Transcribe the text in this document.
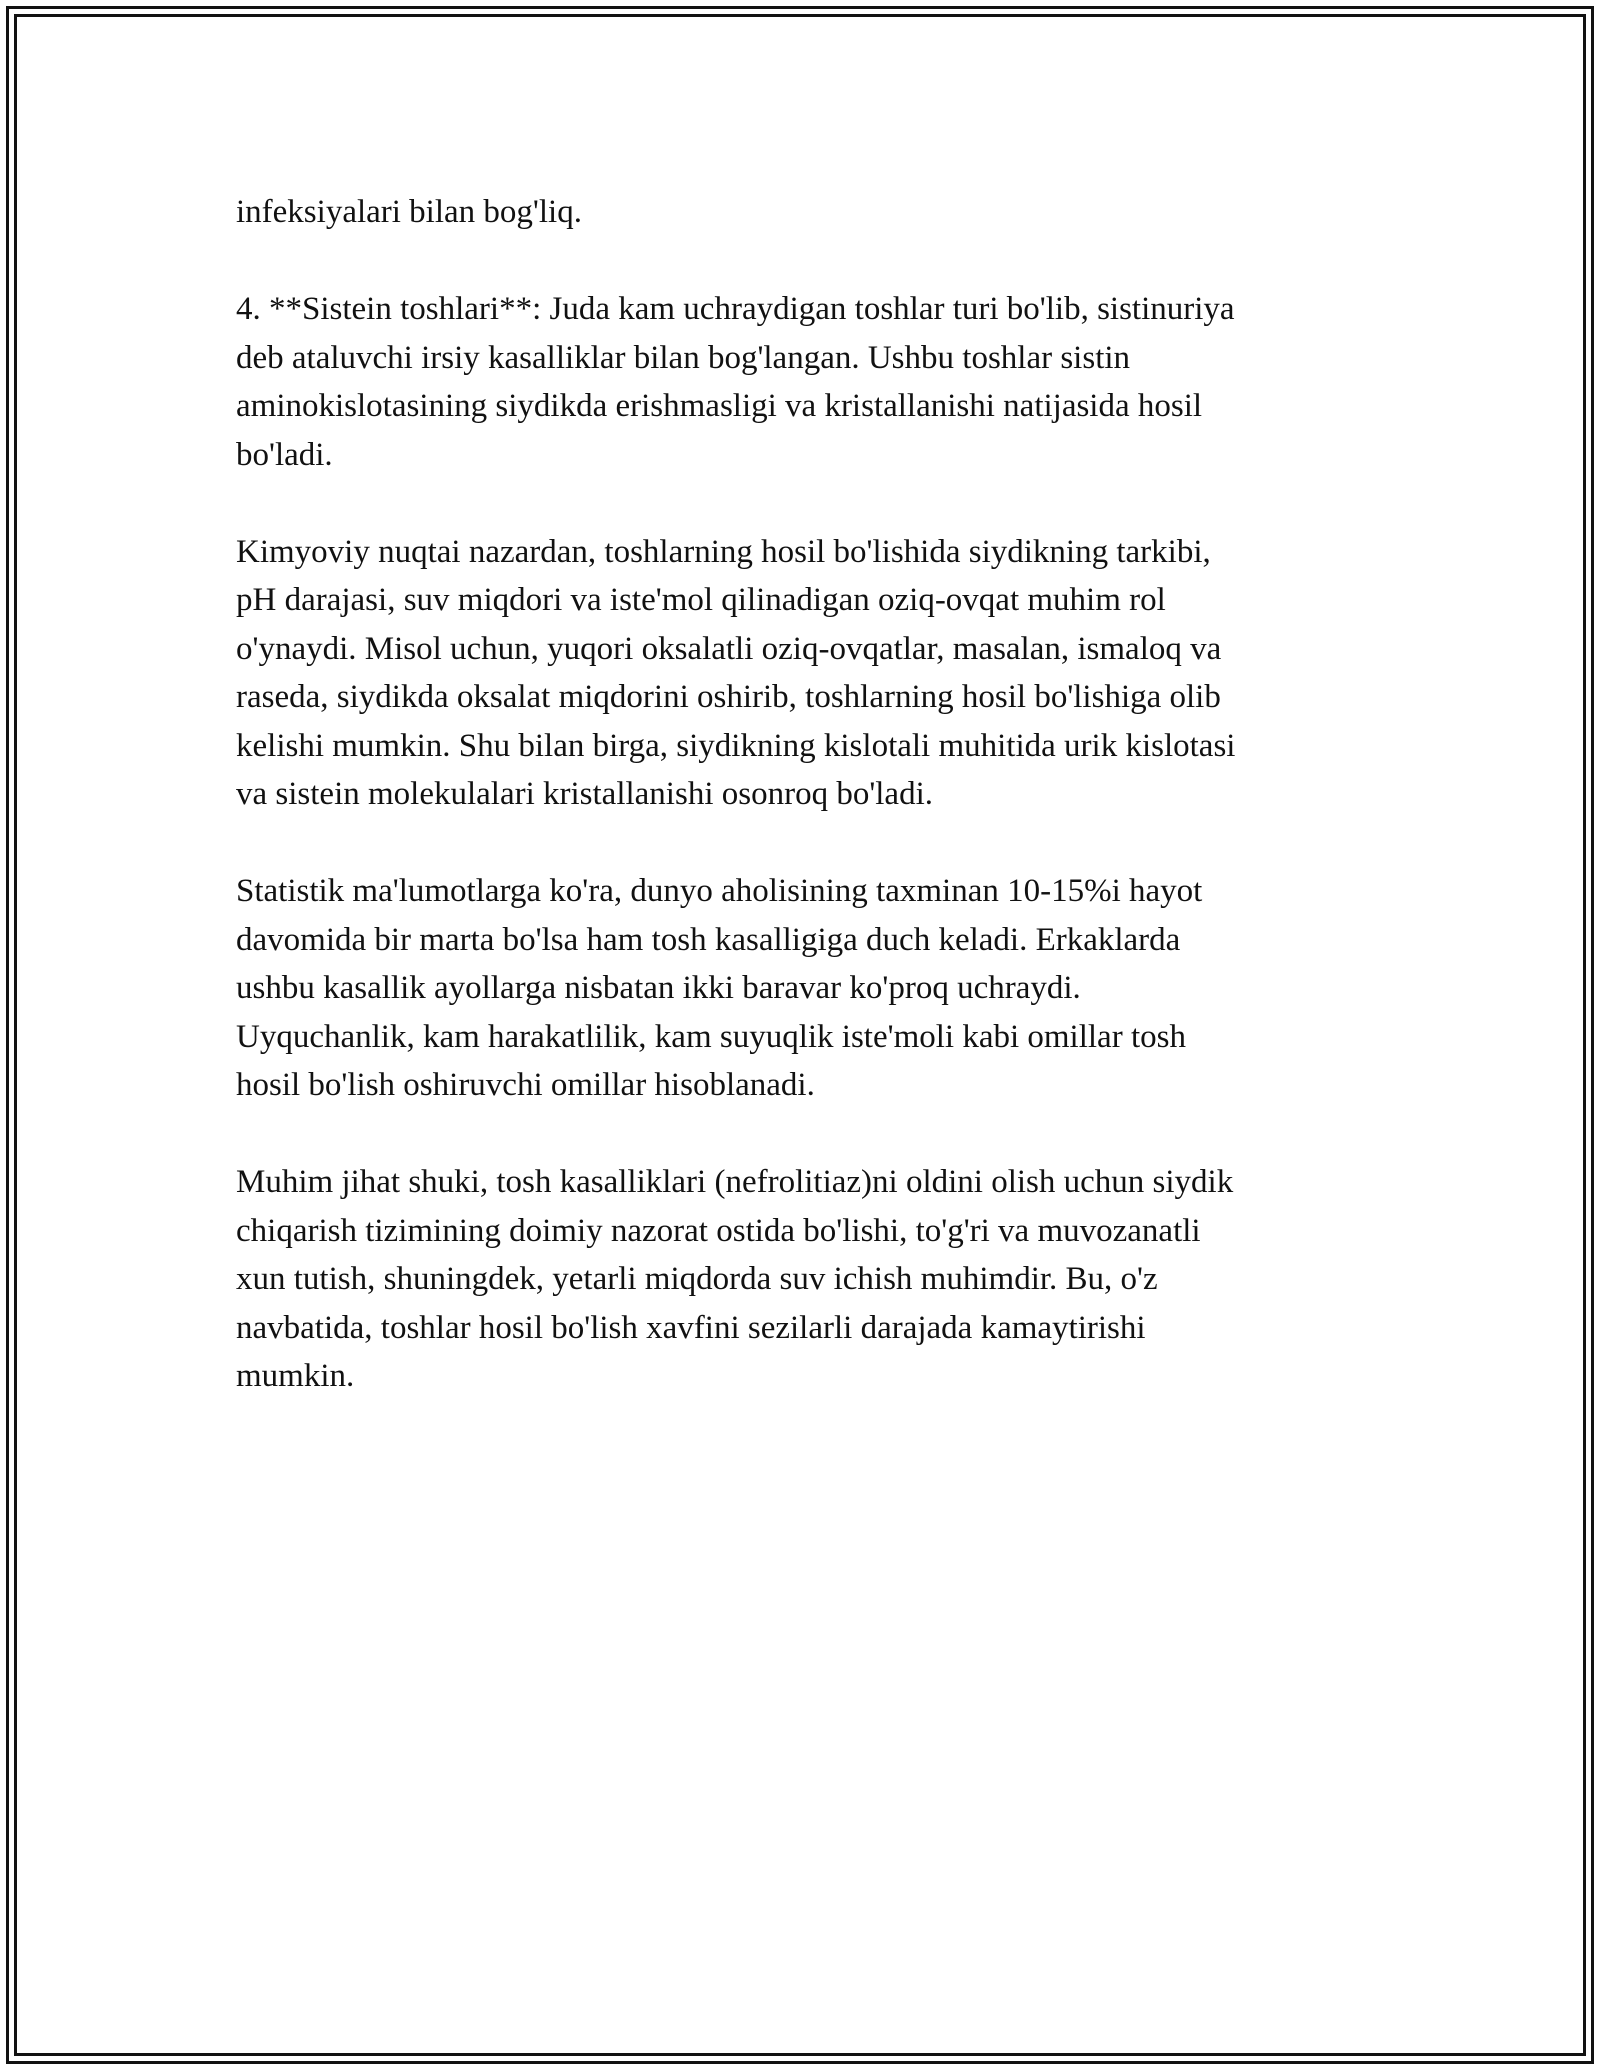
infeksiyalari bilan bog'liq.

4. **Sistein toshlari**: Juda kam uchraydigan toshlar turi bo'lib, sistinuriya
deb ataluvchi irsiy kasalliklar bilan bog'langan. Ushbu toshlar sistin
aminokislotasining siydikda erishmasligi va kristallanishi natijasida hosil
bo'ladi.

Kimyoviy nuqtai nazardan, toshlarning hosil bo'lishida siydikning tarkibi,
pH darajasi, suv miqdori va iste'mol qilinadigan oziq-ovqat muhim rol
o'ynaydi. Misol uchun, yuqori oksalatli oziq-ovqatlar, masalan, ismaloq va
raseda, siydikda oksalat miqdorini oshirib, toshlarning hosil bo'lishiga olib
kelishi mumkin. Shu bilan birga, siydikning kislotali muhitida urik kislotasi
va sistein molekulalari kristallanishi osonroq bo'ladi.

Statistik ma'lumotlarga ko'ra, dunyo aholisining taxminan 10-15%i hayot
davomida bir marta bo'lsa ham tosh kasalligiga duch keladi. Erkaklarda
ushbu kasallik ayollarga nisbatan ikki baravar ko'proq uchraydi.
Uyquchanlik, kam harakatlilik, kam suyuqlik iste'moli kabi omillar tosh
hosil bo'lish oshiruvchi omillar hisoblanadi.

Muhim jihat shuki, tosh kasalliklari (nefrolitiaz)ni oldini olish uchun siydik
chiqarish tizimining doimiy nazorat ostida bo'lishi, to'g'ri va muvozanatli
xun tutish, shuningdek, yetarli miqdorda suv ichish muhimdir. Bu, o'z
navbatida, toshlar hosil bo'lish xavfini sezilarli darajada kamaytirishi
mumkin.
